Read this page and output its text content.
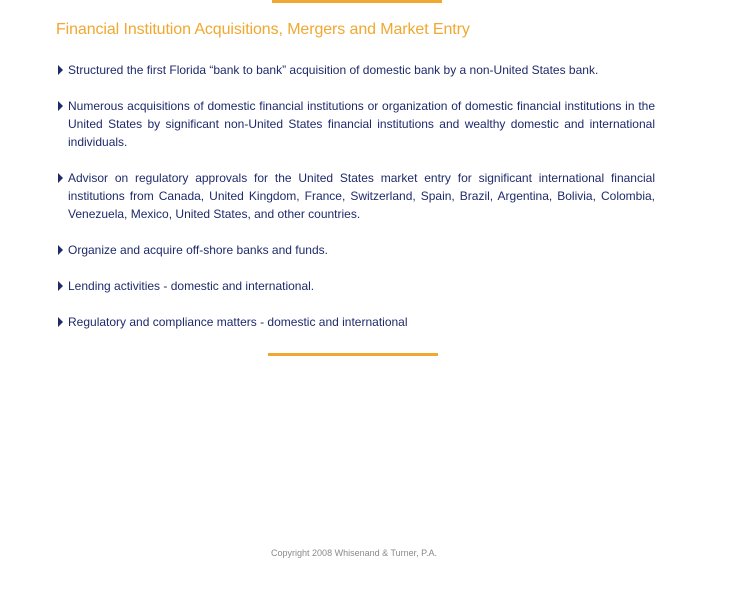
Financial Institution Acquisitions, Mergers and Market Entry
Structured the first Florida “bank to bank” acquisition of domestic bank by a non-United States bank.
Numerous acquisitions of domestic financial institutions or organization of domestic financial institutions in the United States by significant non-United States financial institutions and wealthy domestic and international individuals.
Advisor on regulatory approvals for the United States market entry for significant international financial institutions from Canada, United Kingdom, France, Switzerland, Spain, Brazil, Argentina, Bolivia, Colombia, Venezuela, Mexico, United States, and other countries.
Organize and acquire off-shore banks and funds.
Lending activities - domestic and international.
Regulatory and compliance matters - domestic and international
Copyright 2008 Whisenand & Turner, P.A.
